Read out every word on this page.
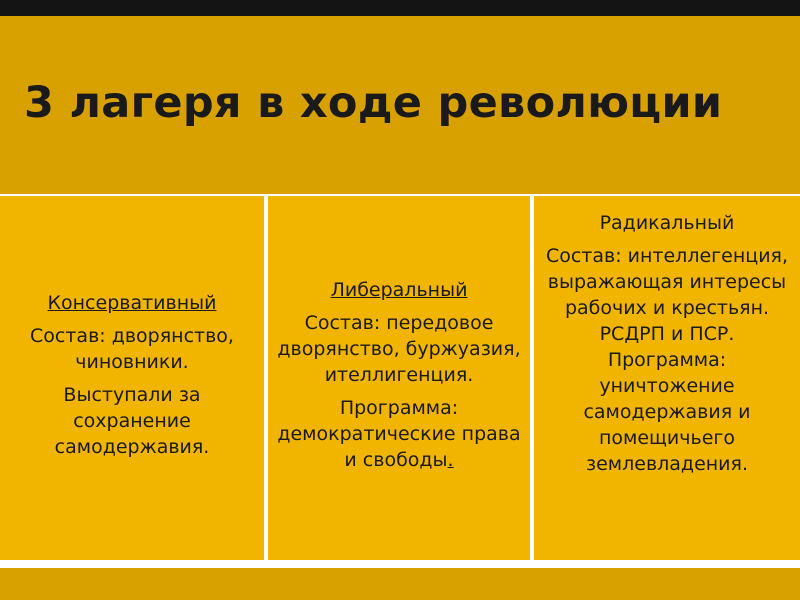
3 лагеря в ходе революции

Консервативный

Состав: дворянство, чиновники.

Выступали за сохранение самодержавия.

Либеральный

Состав: передовое дворянство, буржуазия, ителлигенция.

Программа: демократические права и свободы.

Радикальный

Состав: интеллегенция, выражающая интересы рабочих и крестьян. РСДРП и ПСР. Программа: уничтожение самодержавия и помещичьего землевладения.
